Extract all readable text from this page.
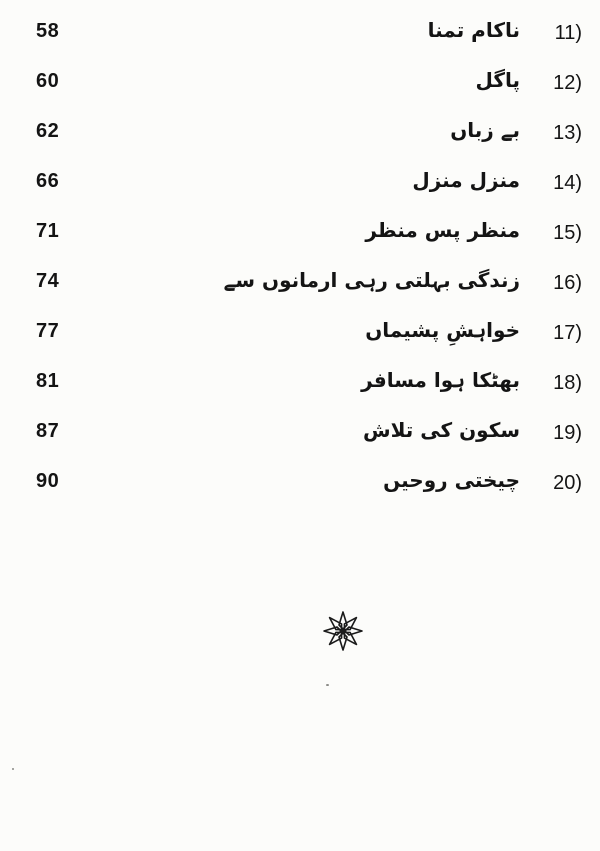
58	ناکام تمنا 11)
60	پاگل 12)
62	بے زباں 13)
66	منزل منزل 14)
71	منظر پس منظر 15)
74	زندگی بہلتی رہی ارمانوں سے 16)
77	خواہشِ پشیماں 17)
81	بھٹکا ہوا مسافر 18)
87	سکون کی تلاش 19)
90	چیختی روحیں 20)
